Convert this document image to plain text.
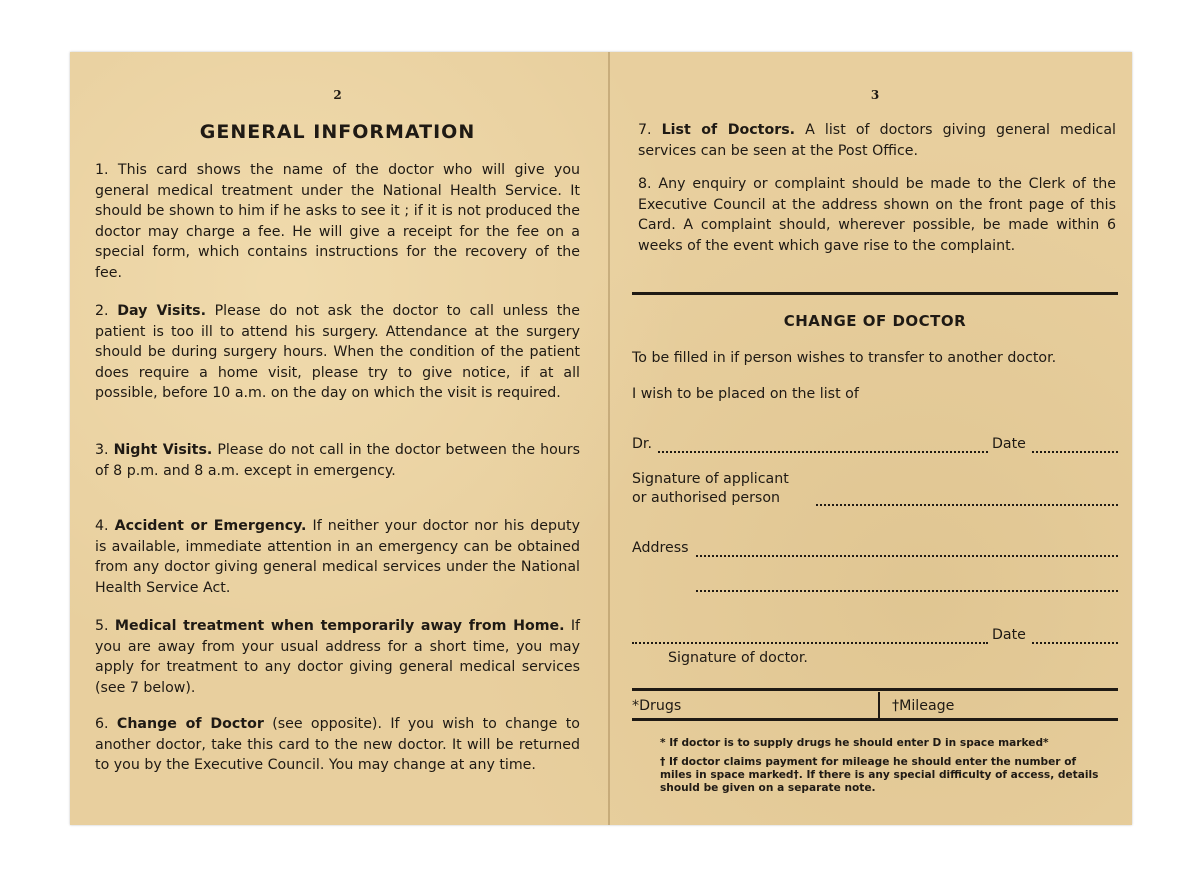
2
GENERAL INFORMATION

1. This card shows the name of the doctor who will give you general medical treatment under the National Health Service. It should be shown to him if he asks to see it ; if it is not produced the doctor may charge a fee. He will give a receipt for the fee on a special form, which contains instructions for the recovery of the fee.

2. Day Visits. Please do not ask the doctor to call unless the patient is too ill to attend his surgery. Attendance at the surgery should be during surgery hours. When the condition of the patient does require a home visit, please try to give notice, if at all possible, before 10 a.m. on the day on which the visit is required.

3. Night Visits. Please do not call in the doctor between the hours of 8 p.m. and 8 a.m. except in emergency.

4. Accident or Emergency. If neither your doctor nor his deputy is available, immediate attention in an emergency can be obtained from any doctor giving general medical services under the National Health Service Act.

5. Medical treatment when temporarily away from Home. If you are away from your usual address for a short time, you may apply for treatment to any doctor giving general medical services (see 7 below).

6. Change of Doctor (see opposite). If you wish to change to another doctor, take this card to the new doctor. It will be returned to you by the Executive Council. You may change at any time.

3

7. List of Doctors. A list of doctors giving general medical services can be seen at the Post Office.

8. Any enquiry or complaint should be made to the Clerk of the Executive Council at the address shown on the front page of this Card. A complaint should, wherever possible, be made within 6 weeks of the event which gave rise to the complaint.

CHANGE OF DOCTOR
To be filled in if person wishes to transfer to another doctor.
I wish to be placed on the list of
Dr.	Date
Signature of applicant
or authorised person
Address
Date
Signature of doctor.
*Drugs	†Mileage
* If doctor is to supply drugs he should enter D in space marked*
† If doctor claims payment for mileage he should enter the number of miles in space marked†. If there is any special difficulty of access, details should be given on a separate note.
